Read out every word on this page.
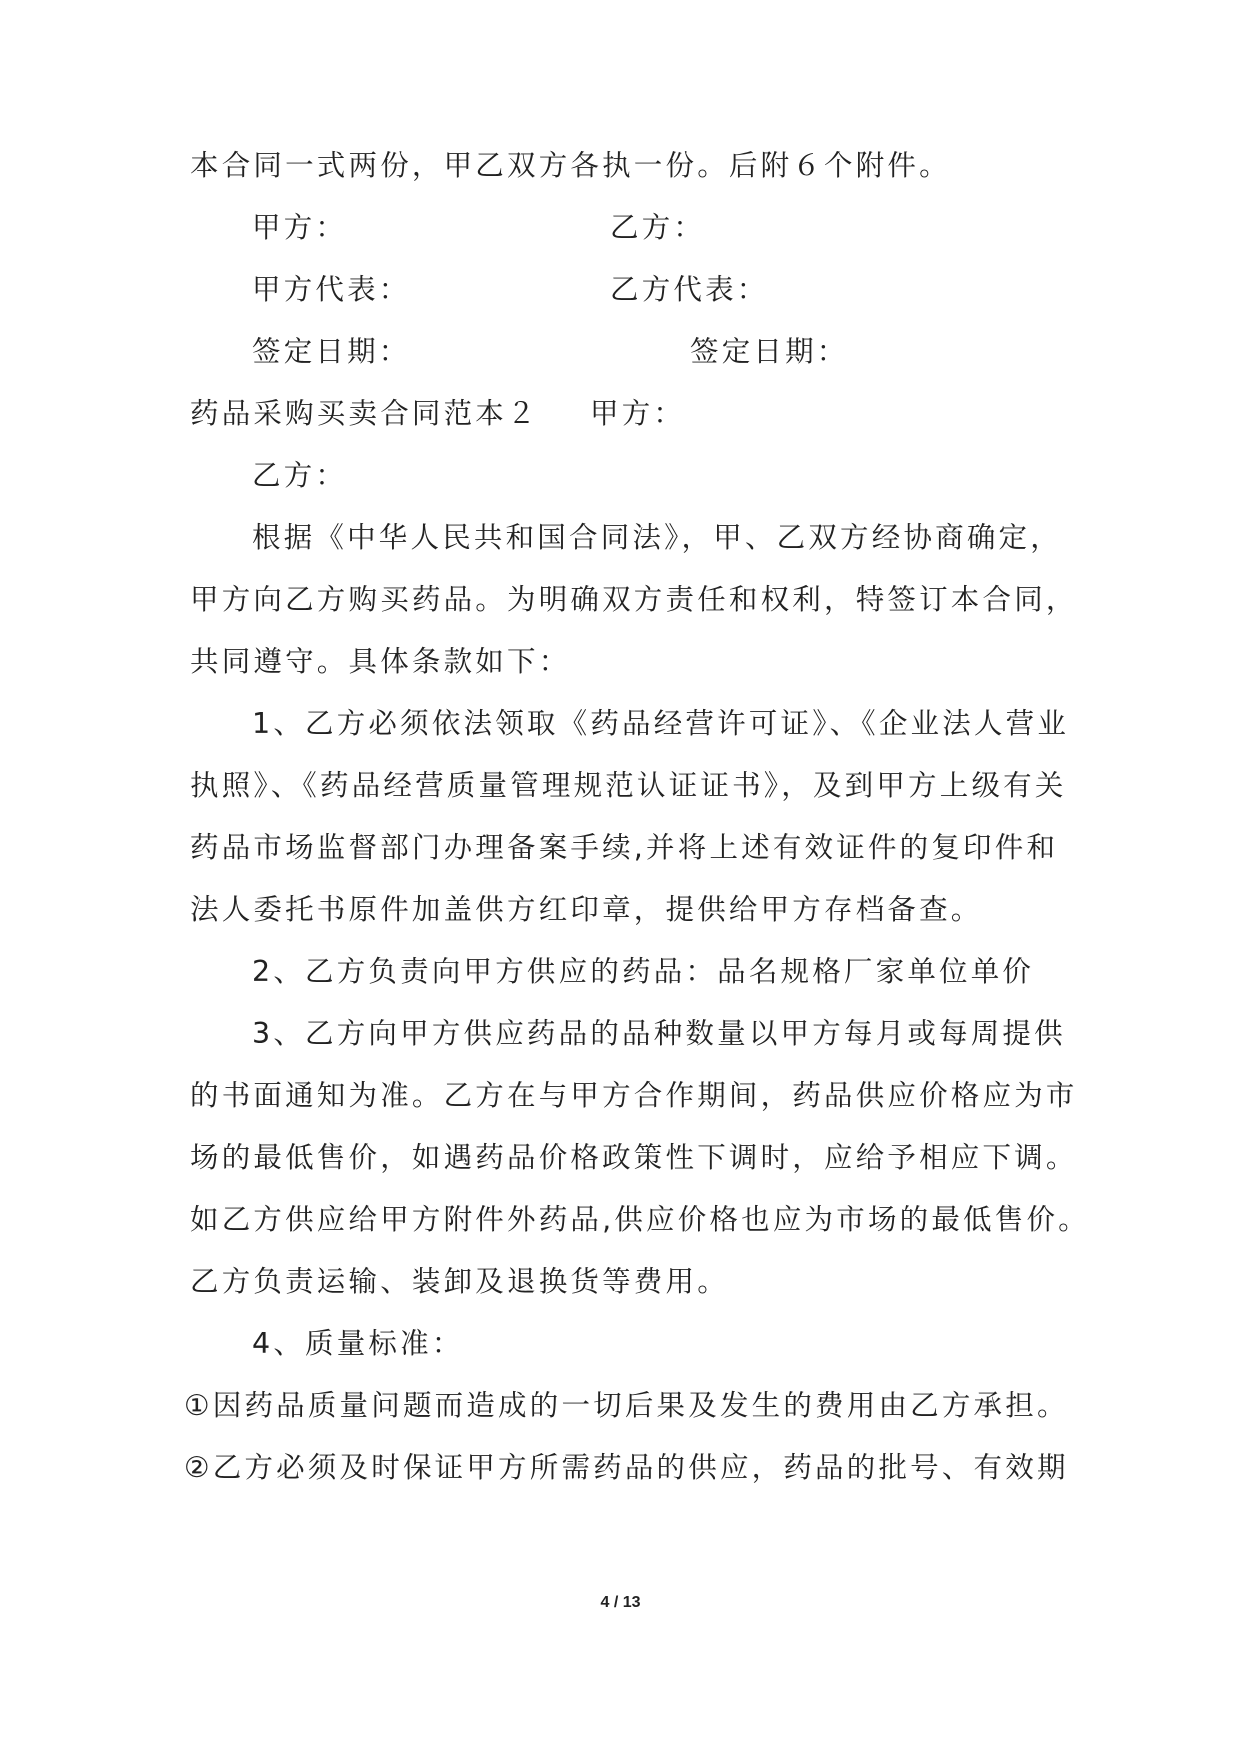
本合同一式两份，甲乙双方各执一份。后附６个附件。
甲方：	乙方：
甲方代表：	乙方代表：
签定日期：	签定日期：
药品采购买卖合同范本２ 甲方：
乙方：
根据《中华人民共和国合同法》，甲、乙双方经协商确定，
甲方向乙方购买药品。为明确双方责任和权利，特签订本合同，
共同遵守。具体条款如下：
1、乙方必须依法领取《药品经营许可证》、《企业法人营业
执照》、《药品经营质量管理规范认证证书》，及到甲方上级有关
药品市场监督部门办理备案手续,并将上述有效证件的复印件和
法人委托书原件加盖供方红印章，提供给甲方存档备查。
2、乙方负责向甲方供应的药品：品名规格厂家单位单价
3、乙方向甲方供应药品的品种数量以甲方每月或每周提供
的书面通知为准。乙方在与甲方合作期间，药品供应价格应为市
场的最低售价，如遇药品价格政策性下调时，应给予相应下调。
如乙方供应给甲方附件外药品,供应价格也应为市场的最低售价。
乙方负责运输、装卸及退换货等费用。
4、质量标准：
①因药品质量问题而造成的一切后果及发生的费用由乙方承担。
②乙方必须及时保证甲方所需药品的供应，药品的批号、有效期
4 / 13
